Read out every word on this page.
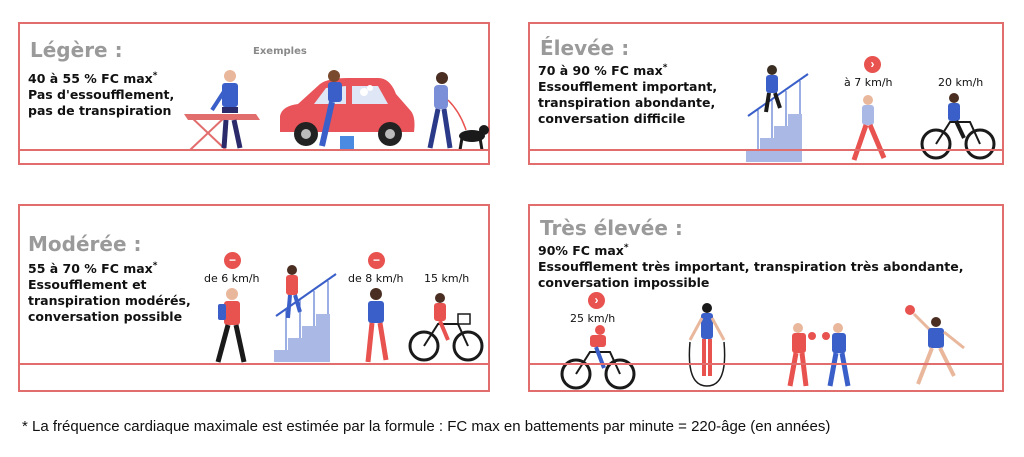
Légère :
40 à 55 % FC max*
Pas d'essoufflement,
pas de transpiration
Exemples	Élevée :
70 à 90 % FC max*
Essoufflement important,
transpiration abondante,
conversation difficile
›
à 7 km/h	20 km/h
Modérée :
55 à 70 % FC max*
Essoufflement et
transpiration modérés,
conversation possible
−
de 6 km/h
−
de 8 km/h 15 km/h
Très élevée :
90% FC max*
Essoufflement très important, transpiration très abondante,
conversation impossible
›
25 km/h
* La fréquence cardiaque maximale est estimée par la formule : FC max en battements par minute = 220-âge (en années)
